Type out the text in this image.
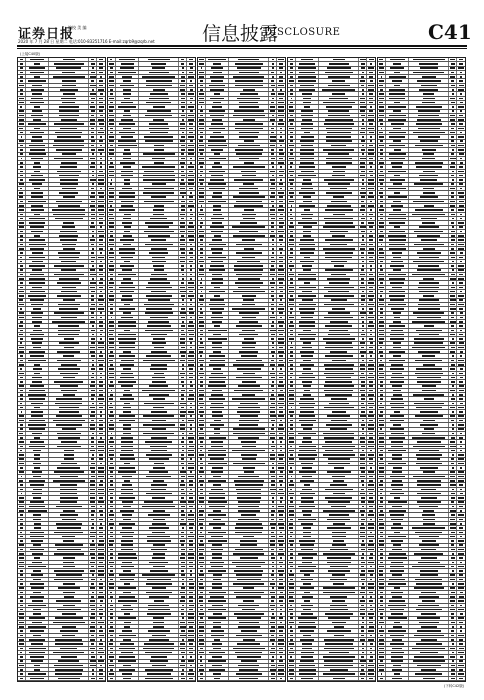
证券日报
编校 美 编
2020 年 7 月 28 日 星期二 电话:010-83251716 E-mail:zqrb9@zqrb.net 信息披露
DISCLOSURE	C41
(上接C40版)
(下转C42版)
